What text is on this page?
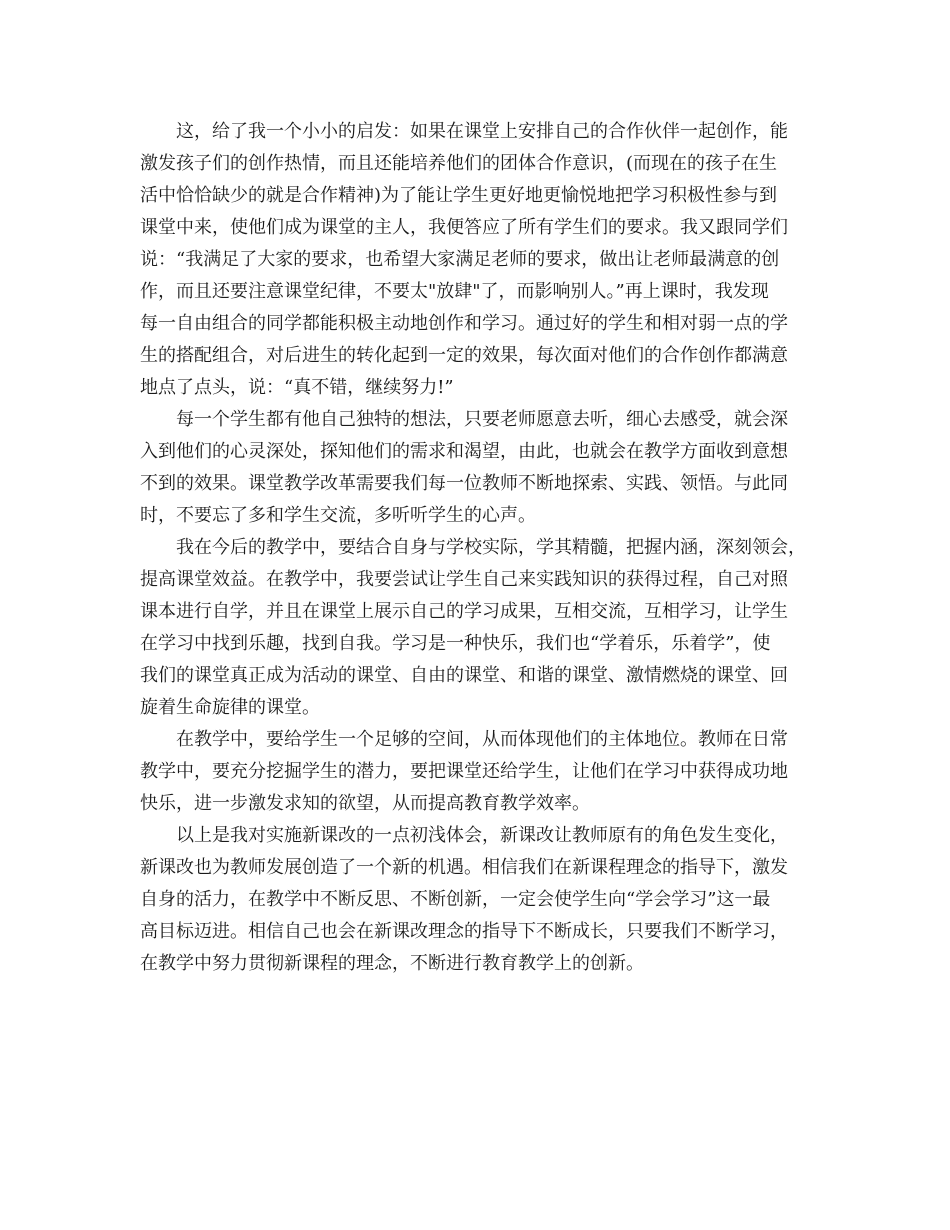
　　这，给了我一个小小的启发：如果在课堂上安排自己的合作伙伴一起创作，能
激发孩子们的创作热情，而且还能培养他们的团体合作意识，(而现在的孩子在生
活中恰恰缺少的就是合作精神)为了能让学生更好地更愉悦地把学习积极性参与到
课堂中来，使他们成为课堂的主人，我便答应了所有学生们的要求。我又跟同学们
说：“我满足了大家的要求，也希望大家满足老师的要求，做出让老师最满意的创
作，而且还要注意课堂纪律，不要太"放肆"了，而影响别人。”再上课时，我发现
每一自由组合的同学都能积极主动地创作和学习。通过好的学生和相对弱一点的学
生的搭配组合，对后进生的转化起到一定的效果，每次面对他们的合作创作都满意
地点了点头，说：“真不错，继续努力!”
　　每一个学生都有他自己独特的想法，只要老师愿意去听，细心去感受，就会深
入到他们的心灵深处，探知他们的需求和渴望，由此，也就会在教学方面收到意想
不到的效果。课堂教学改革需要我们每一位教师不断地探索、实践、领悟。与此同
时，不要忘了多和学生交流，多听听学生的心声。
　　我在今后的教学中，要结合自身与学校实际，学其精髓，把握内涵，深刻领会，
提高课堂效益。在教学中，我要尝试让学生自己来实践知识的获得过程，自己对照
课本进行自学，并且在课堂上展示自己的学习成果，互相交流，互相学习，让学生
在学习中找到乐趣，找到自我。学习是一种快乐，我们也“学着乐，乐着学”，使
我们的课堂真正成为活动的课堂、自由的课堂、和谐的课堂、激情燃烧的课堂、回
旋着生命旋律的课堂。
　　在教学中，要给学生一个足够的空间，从而体现他们的主体地位。教师在日常
教学中，要充分挖掘学生的潜力，要把课堂还给学生，让他们在学习中获得成功地
快乐，进一步激发求知的欲望，从而提高教育教学效率。
　　以上是我对实施新课改的一点初浅体会，新课改让教师原有的角色发生变化，
新课改也为教师发展创造了一个新的机遇。相信我们在新课程理念的指导下，激发
自身的活力，在教学中不断反思、不断创新，一定会使学生向“学会学习”这一最
高目标迈进。相信自己也会在新课改理念的指导下不断成长，只要我们不断学习，
在教学中努力贯彻新课程的理念，不断进行教育教学上的创新。
